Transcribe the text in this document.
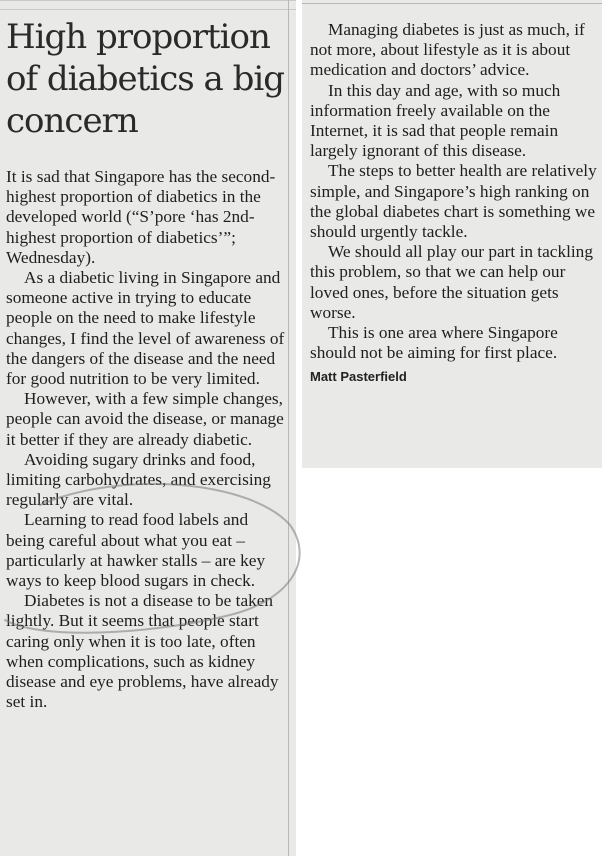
High proportion of diabetics a big concern

It is sad that Singapore has the second-highest proportion of diabetics in the developed world (“S’pore ‘has 2nd-highest proportion of diabetics’”; Wednesday).

As a diabetic living in Singapore and someone active in trying to educate people on the need to make lifestyle changes, I find the level of awareness of the dangers of the disease and the need for good nutrition to be very limited.

However, with a few simple changes, people can avoid the disease, or manage it better if they are already diabetic.

Avoiding sugary drinks and food, limiting carbohydrates, and exercising regularly are vital.

Learning to read food labels and being careful about what you eat – particularly at hawker stalls – are key ways to keep blood sugars in check.

Diabetes is not a disease to be taken lightly. But it seems that people start caring only when it is too late, often when complications, such as kidney disease and eye problems, have already set in.

Managing diabetes is just as much, if not more, about lifestyle as it is about medication and doctors’ advice.

In this day and age, with so much information freely available on the Internet, it is sad that people remain largely ignorant of this disease.

The steps to better health are relatively simple, and Singapore’s high ranking on the global diabetes chart is something we should urgently tackle.

We should all play our part in tackling this problem, so that we can help our loved ones, before the situation gets worse.

This is one area where Singapore should not be aiming for first place.

Matt Pasterfield
